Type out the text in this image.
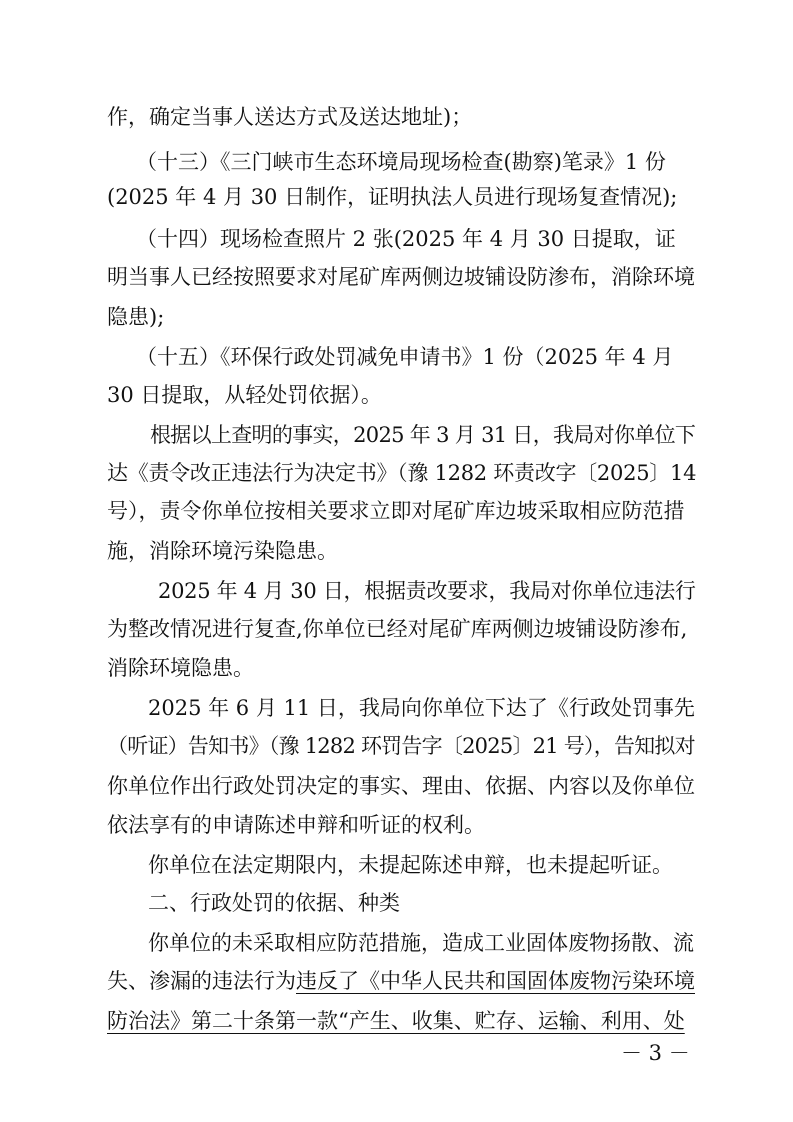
作，确定当事人送达方式及送达地址)；
（十三）《三门峡市生态环境局现场检查(勘察)笔录》1 份
(2025 年 4 月 30 日制作，证明执法人员进行现场复查情况);
（十四）现场检查照片 2 张(2025 年 4 月 30 日提取，证
明当事人已经按照要求对尾矿库两侧边坡铺设防渗布，消除环境
隐患);
（十五）《环保行政处罚减免申请书》1 份（2025 年 4 月
30 日提取，从轻处罚依据）。
根据以上查明的事实，2025 年 3 月 31 日，我局对你单位下
达《责令改正违法行为决定书》（豫 1282 环责改字〔2025〕14
号），责令你单位按相关要求立即对尾矿库边坡采取相应防范措
施，消除环境污染隐患。
2025 年 4 月 30 日，根据责改要求，我局对你单位违法行
为整改情况进行复查,你单位已经对尾矿库两侧边坡铺设防渗布,
消除环境隐患。
2025 年 6 月 11 日，我局向你单位下达了《行政处罚事先
（听证）告知书》（豫 1282 环罚告字〔2025〕21 号），告知拟对
你单位作出行政处罚决定的事实、理由、依据、内容以及你单位
依法享有的申请陈述申辩和听证的权利。
你单位在法定期限内，未提起陈述申辩，也未提起听证。
二、行政处罚的依据、种类
你单位的未采取相应防范措施，造成工业固体废物扬散、流
失、渗漏的违法行为违反了《中华人民共和国固体废物污染环境
防治法》第二十条第一款“产生、收集、贮存、运输、利用、处
－ 3 －
